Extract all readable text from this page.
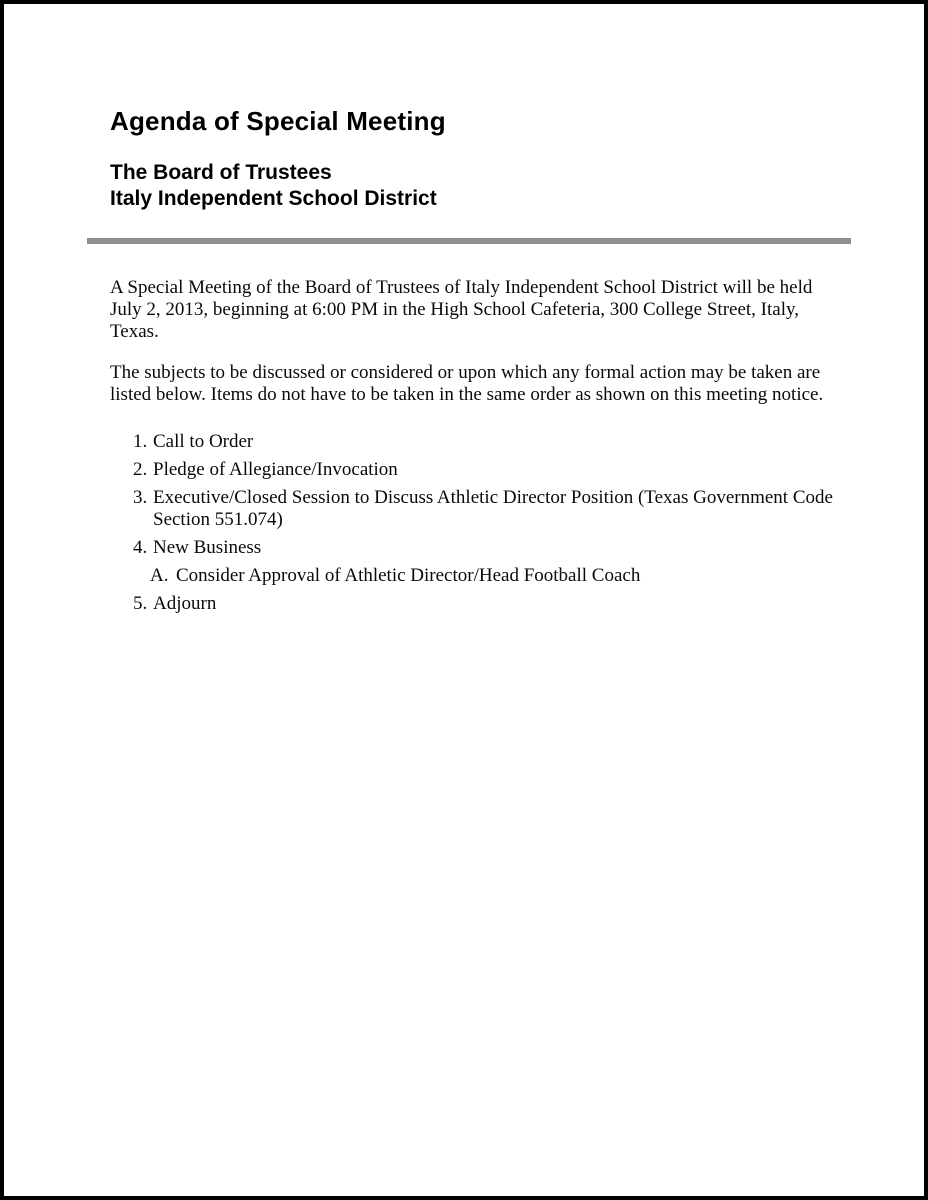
Agenda of Special Meeting
The Board of Trustees
Italy Independent School District

A Special Meeting of the Board of Trustees of Italy Independent School District will be held July 2, 2013, beginning at 6:00 PM in the High School Cafeteria, 300 College Street, Italy, Texas.

The subjects to be discussed or considered or upon which any formal action may be taken are listed below. Items do not have to be taken in the same order as shown on this meeting notice.

1. Call to Order
2. Pledge of Allegiance/Invocation
3. Executive/Closed Session to Discuss Athletic Director Position (Texas Government Code Section 551.074)
4. New Business
A. Consider Approval of Athletic Director/Head Football Coach
5. Adjourn
